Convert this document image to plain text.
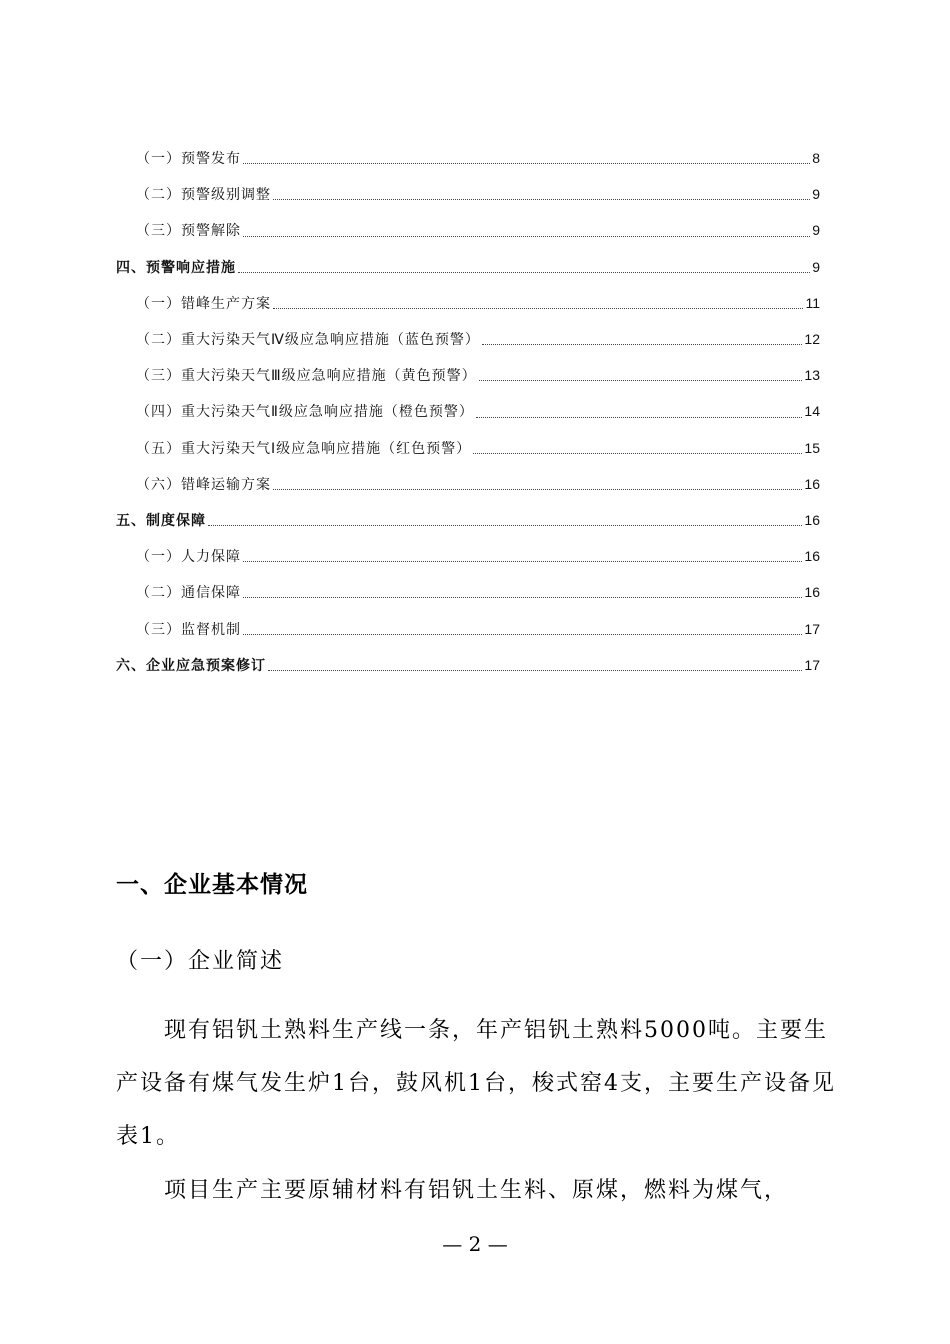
（一）预警发布	8
（二）预警级别调整	9
（三）预警解除	9
四、预警响应措施	9
（一）错峰生产方案	11
（二）重大污染天气Ⅳ级应急响应措施（蓝色预警）	12
（三）重大污染天气Ⅲ级应急响应措施（黄色预警）	13
（四）重大污染天气Ⅱ级应急响应措施（橙色预警）	14
（五）重大污染天气Ⅰ级应急响应措施（红色预警）	15
（六）错峰运输方案	16
五、制度保障	16
（一）人力保障	16
（二）通信保障	16
（三）监督机制	17
六、企业应急预案修订	17
一、企业基本情况
（一）企业简述

现有铝钒土熟料生产线一条，年产铝钒土熟料5000吨。主要生产设备有煤气发生炉1台，鼓风机1台，梭式窑4支，主要生产设备见表1。

项目生产主要原辅材料有铝钒土生料、原煤，燃料为煤气，

— 2 —
